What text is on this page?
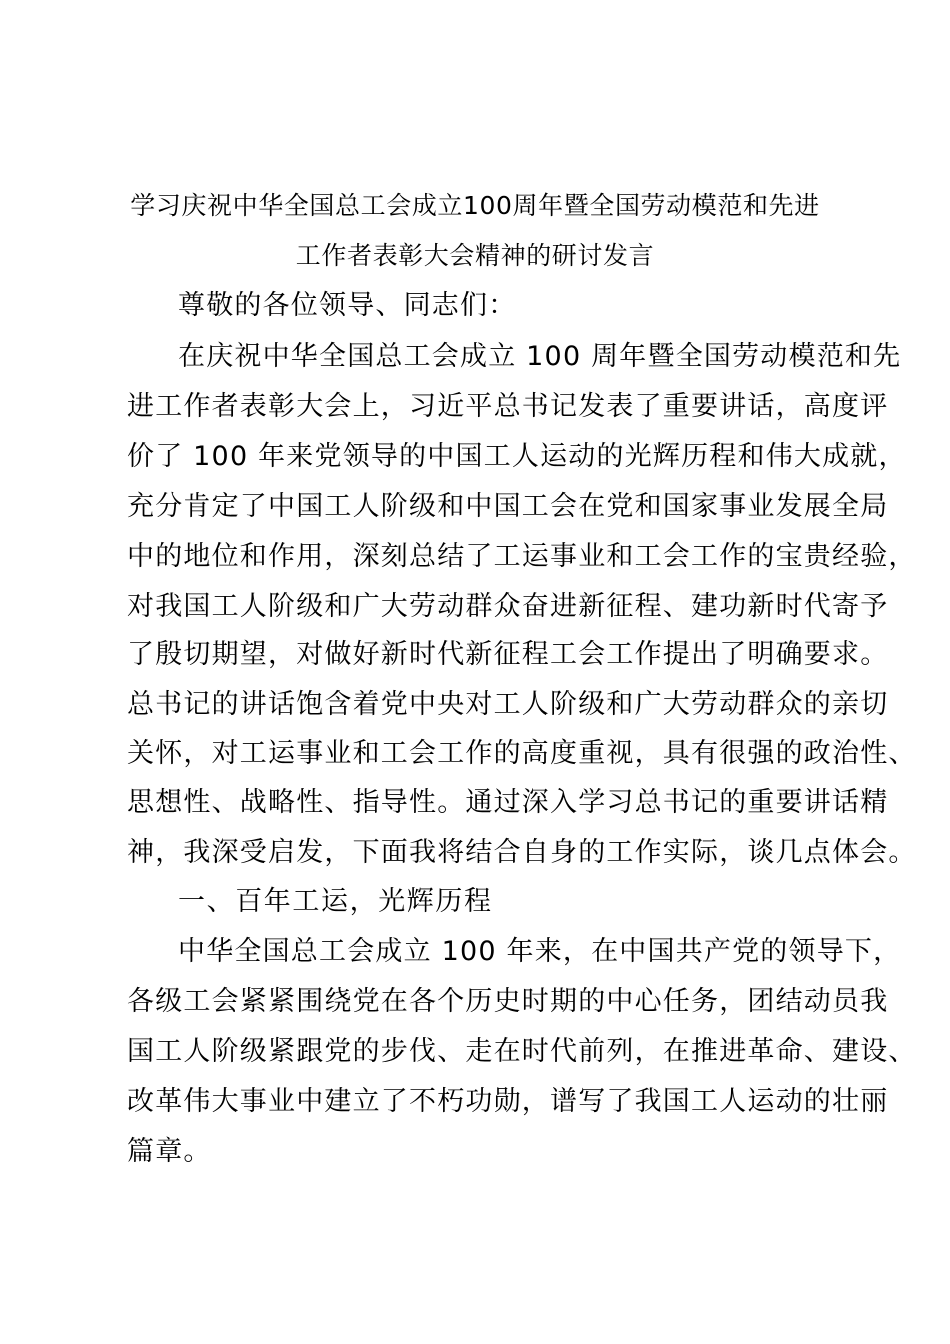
学习庆祝中华全国总工会成立100周年暨全国劳动模范和先进
工作者表彰大会精神的研讨发言
尊敬的各位领导、同志们：
在庆祝中华全国总工会成立 100 周年暨全国劳动模范和先
进工作者表彰大会上，习近平总书记发表了重要讲话，高度评
价了 100 年来党领导的中国工人运动的光辉历程和伟大成就，
充分肯定了中国工人阶级和中国工会在党和国家事业发展全局
中的地位和作用，深刻总结了工运事业和工会工作的宝贵经验，
对我国工人阶级和广大劳动群众奋进新征程、建功新时代寄予
了殷切期望，对做好新时代新征程工会工作提出了明确要求。
总书记的讲话饱含着党中央对工人阶级和广大劳动群众的亲切
关怀，对工运事业和工会工作的高度重视，具有很强的政治性、
思想性、战略性、指导性。通过深入学习总书记的重要讲话精
神，我深受启发，下面我将结合自身的工作实际，谈几点体会。
一、百年工运，光辉历程
中华全国总工会成立 100 年来，在中国共产党的领导下，
各级工会紧紧围绕党在各个历史时期的中心任务，团结动员我
国工人阶级紧跟党的步伐、走在时代前列，在推进革命、建设、
改革伟大事业中建立了不朽功勋，谱写了我国工人运动的壮丽
篇章。
